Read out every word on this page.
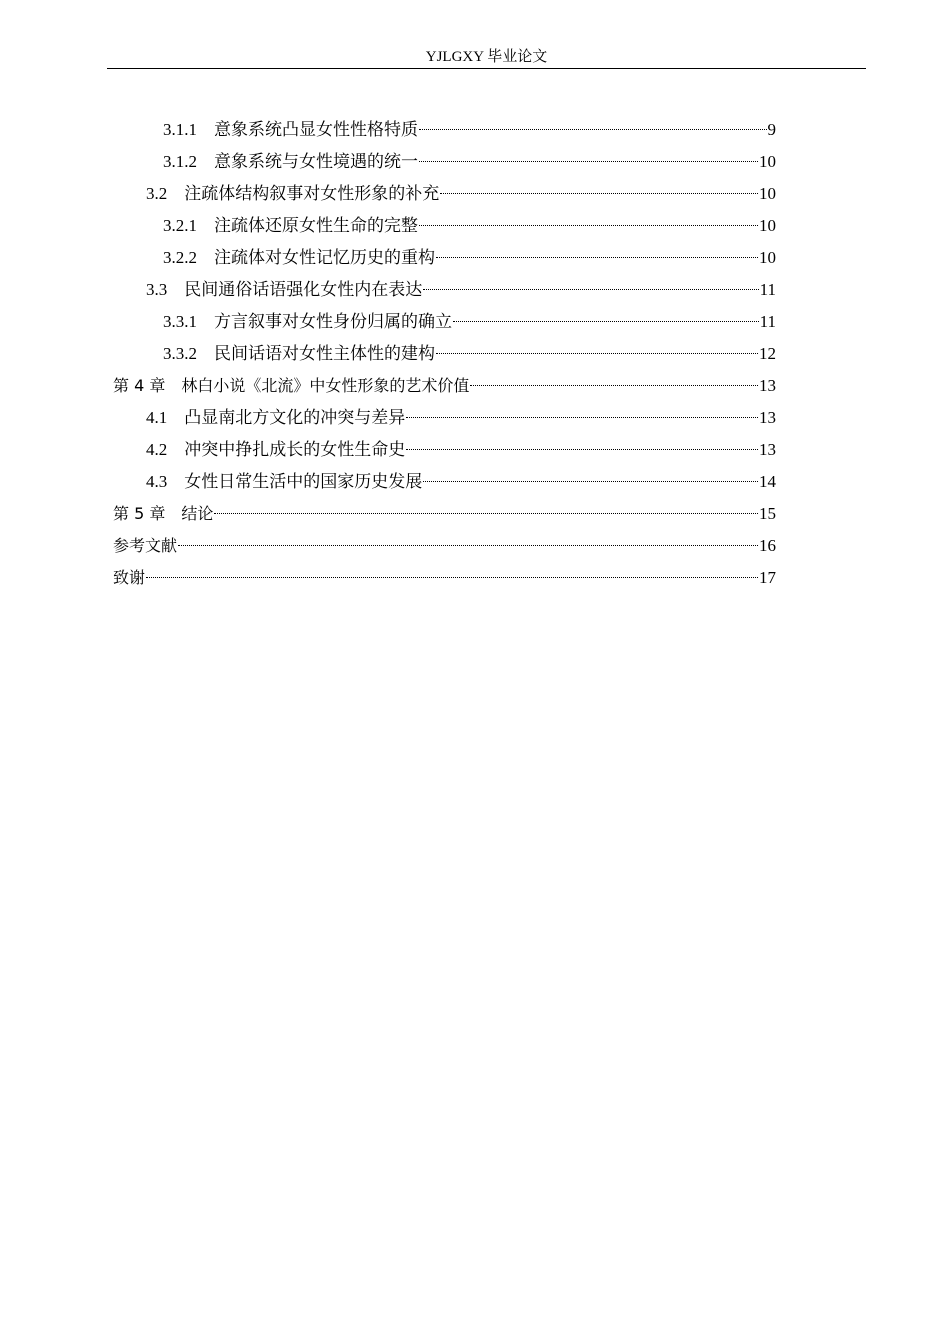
YJLGXY 毕业论文
3.1.1 意象系统凸显女性性格特质	9
3.1.2 意象系统与女性境遇的统一	10
3.2 注疏体结构叙事对女性形象的补充	10
3.2.1 注疏体还原女性生命的完整	10
3.2.2 注疏体对女性记忆历史的重构	10
3.3 民间通俗话语强化女性内在表达	11
3.3.1 方言叙事对女性身份归属的确立	11
3.3.2 民间话语对女性主体性的建构	12
第 4 章 林白小说《北流》中女性形象的艺术价值	13
4.1 凸显南北方文化的冲突与差异	13
4.2 冲突中挣扎成长的女性生命史	13
4.3 女性日常生活中的国家历史发展	14
第 5 章 结论	15
参考文献	16
致谢	17
